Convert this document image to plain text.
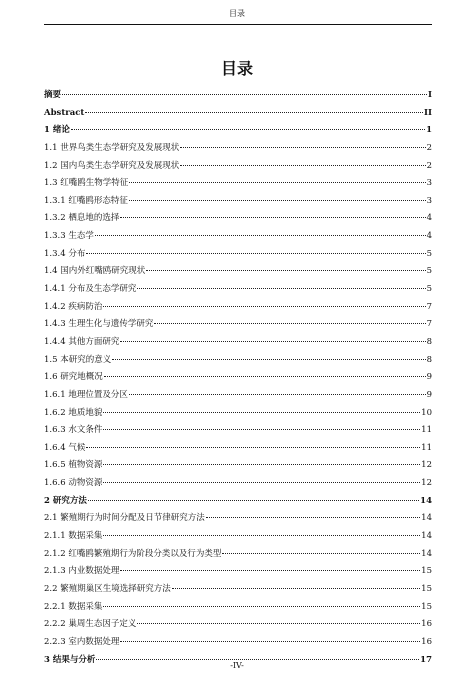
目录
目录
摘要	I
Abstract	II
1 绪论	1
1.1 世界鸟类生态学研究及发展现状	2
1.2 国内鸟类生态学研究及发展现状	2
1.3 红嘴鸥生物学特征	3
1.3.1 红嘴鸥形态特征	3
1.3.2 栖息地的选择	4
1.3.3 生态学	4
1.3.4 分布	5
1.4 国内外红嘴鸥研究现状	5
1.4.1 分布及生态学研究	5
1.4.2 疾病防治	7
1.4.3 生理生化与遗传学研究	7
1.4.4 其他方面研究	8
1.5 本研究的意义	8
1.6 研究地概况	9
1.6.1 地理位置及分区	9
1.6.2 地质地貌	10
1.6.3 水文条件	11
1.6.4 气候	11
1.6.5 植物资源	12
1.6.6 动物资源	12
2 研究方法	14
2.1 繁殖期行为时间分配及日节律研究方法	14
2.1.1 数据采集	14
2.1.2 红嘴鸥繁殖期行为阶段分类以及行为类型	14
2.1.3 内业数据处理	15
2.2 繁殖期巢区生境选择研究方法	15
2.2.1 数据采集	15
2.2.2 巢周生态因子定义	16
2.2.3 室内数据处理	16
3 结果与分析	17
-IV-
